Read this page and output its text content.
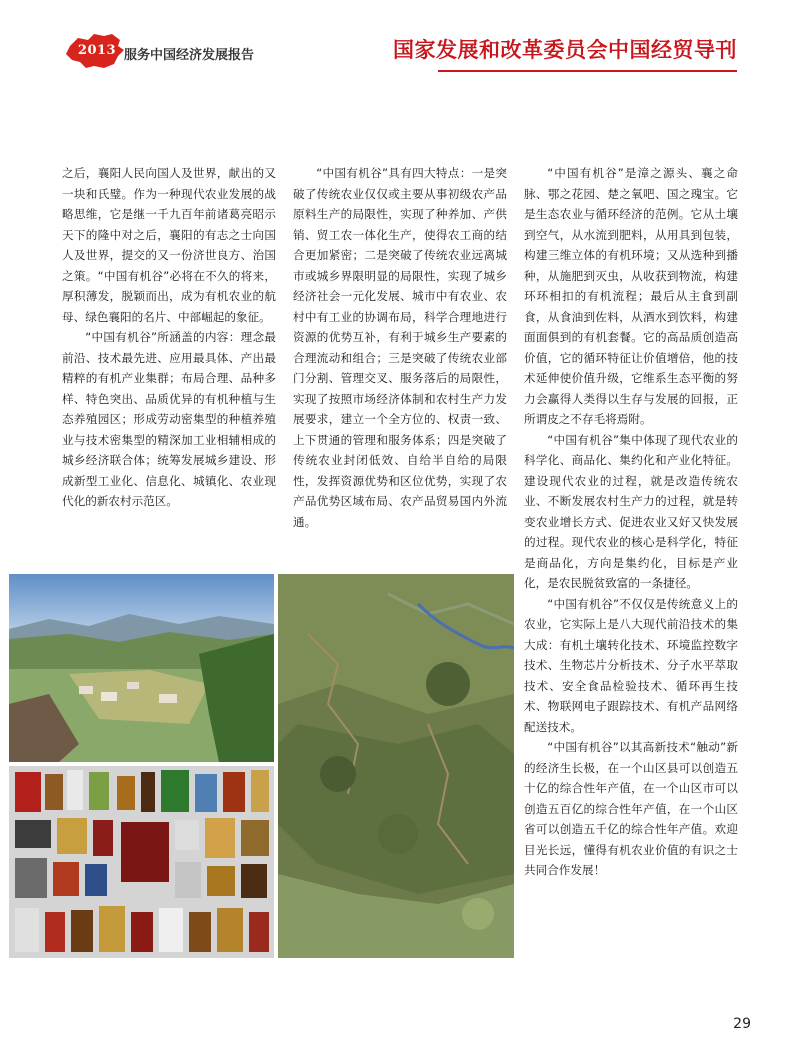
2013 服务中国经济发展报告	国家发展和改革委员会中国经贸导刊

之后，襄阳人民向国人及世界，献出的又一块和氏璧。作为一种现代农业发展的战略思维，它是继一千九百年前诸葛亮昭示天下的隆中对之后，襄阳的有志之士向国人及世界，提交的又一份济世良方、治国之策。“中国有机谷”必将在不久的将来，厚积薄发，脱颖而出，成为有机农业的航母、绿色襄阳的名片、中部崛起的象征。

“中国有机谷”所涵盖的内容：理念最前沿、技术最先进、应用最具体、产出最精粹的有机产业集群；布局合理、品种多样、特色突出、品质优异的有机种植与生态养殖园区；形成劳动密集型的种植养殖业与技术密集型的精深加工业相辅相成的城乡经济联合体；统筹发展城乡建设、形成新型工业化、信息化、城镇化、农业现代化的新农村示范区。

“中国有机谷”具有四大特点：一是突破了传统农业仅仅或主要从事初级农产品原料生产的局限性，实现了种养加、产供销、贸工农一体化生产，使得农工商的结合更加紧密；二是突破了传统农业远离城市或城乡界限明显的局限性，实现了城乡经济社会一元化发展、城市中有农业、农村中有工业的协调布局，科学合理地进行资源的优势互补，有利于城乡生产要素的合理流动和组合；三是突破了传统农业部门分割、管理交叉、服务落后的局限性，实现了按照市场经济体制和农村生产力发展要求，建立一个全方位的、权责一致、上下贯通的管理和服务体系；四是突破了传统农业封闭低效、自给半自给的局限性，发挥资源优势和区位优势，实现了农产品优势区域布局、农产品贸易国内外流通。

“中国有机谷”是漳之源头、襄之命脉、鄂之花园、楚之氧吧、国之瑰宝。它是生态农业与循环经济的范例。它从土壤到空气，从水流到肥料，从用具到包装，构建三维立体的有机环境；又从选种到播种，从施肥到灭虫，从收获到物流，构建环环相扣的有机流程；最后从主食到副食，从食油到佐料，从酒水到饮料，构建面面俱到的有机套餐。它的高品质创造高价值，它的循环特征让价值增倍，他的技术延伸使价值升级，它维系生态平衡的努力会赢得人类得以生存与发展的回报，正所谓皮之不存毛将焉附。

“中国有机谷”集中体现了现代农业的科学化、商品化、集约化和产业化特征。建设现代农业的过程，就是改造传统农业、不断发展农村生产力的过程，就是转变农业增长方式、促进农业又好又快发展的过程。现代农业的核心是科学化，特征是商品化，方向是集约化，目标是产业化，是农民脱贫致富的一条捷径。

“中国有机谷”不仅仅是传统意义上的农业，它实际上是八大现代前沿技术的集大成：有机土壤转化技术、环境监控数字技术、生物芯片分析技术、分子水平萃取技术、安全食品检验技术、循环再生技术、物联网电子跟踪技术、有机产品网络配送技术。

“中国有机谷”以其高新技术“触动”新的经济生长极，在一个山区县可以创造五十亿的综合性年产值，在一个山区市可以创造五百亿的综合性年产值，在一个山区省可以创造五千亿的综合性年产值。欢迎目光长远，懂得有机农业价值的有识之士共同合作发展！

29
